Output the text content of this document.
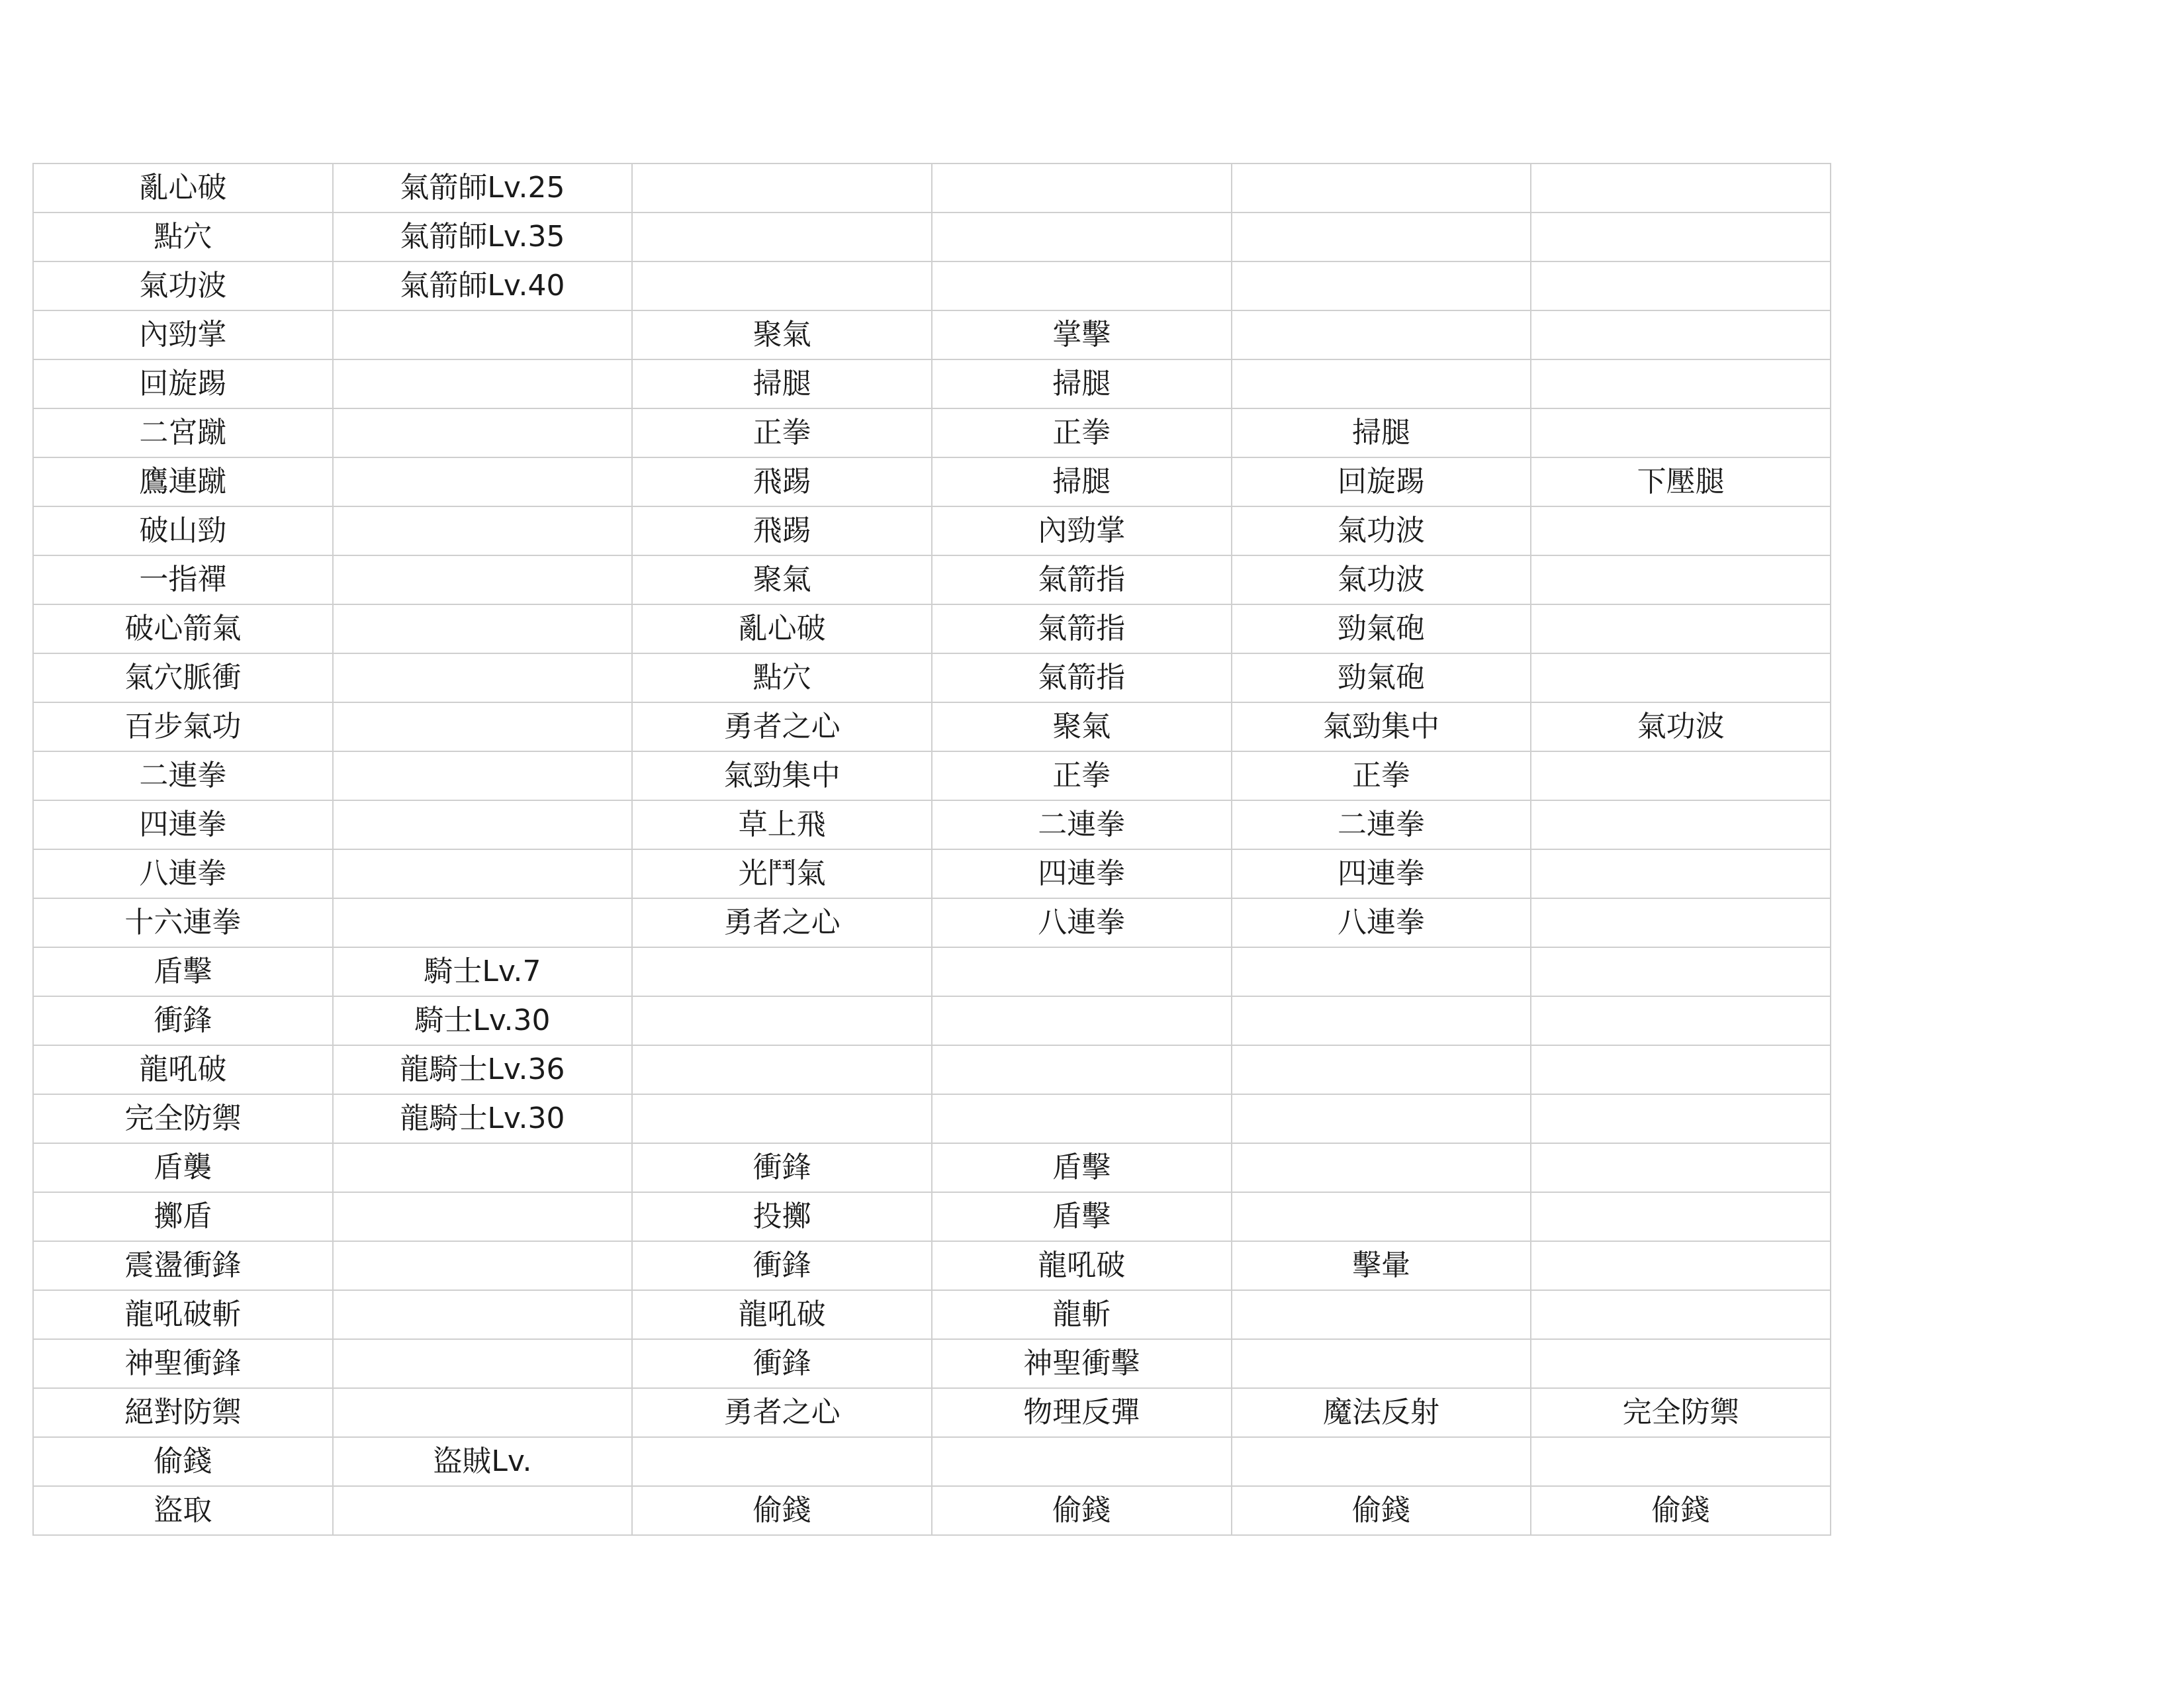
亂心破	氣箭師Lv.25				
點穴	氣箭師Lv.35				
氣功波	氣箭師Lv.40				
內勁掌		聚氣	掌擊		
回旋踢		掃腿	掃腿		
二宮蹴		正拳	正拳	掃腿	
鷹連蹴		飛踢	掃腿	回旋踢	下壓腿
破山勁		飛踢	內勁掌	氣功波	
一指禪		聚氣	氣箭指	氣功波	
破心箭氣		亂心破	氣箭指	勁氣砲	
氣穴脈衝		點穴	氣箭指	勁氣砲	
百步氣功		勇者之心	聚氣	氣勁集中	氣功波
二連拳		氣勁集中	正拳	正拳	
四連拳		草上飛	二連拳	二連拳	
八連拳		光鬥氣	四連拳	四連拳	
十六連拳		勇者之心	八連拳	八連拳	
盾擊	騎士Lv.7				
衝鋒	騎士Lv.30				
龍吼破	龍騎士Lv.36				
完全防禦	龍騎士Lv.30				
盾襲		衝鋒	盾擊		
擲盾		投擲	盾擊		
震盪衝鋒		衝鋒	龍吼破	擊暈	
龍吼破斬		龍吼破	龍斬		
神聖衝鋒		衝鋒	神聖衝擊		
絕對防禦		勇者之心	物理反彈	魔法反射	完全防禦
偷錢	盜賊Lv.				
盜取		偷錢	偷錢	偷錢	偷錢
